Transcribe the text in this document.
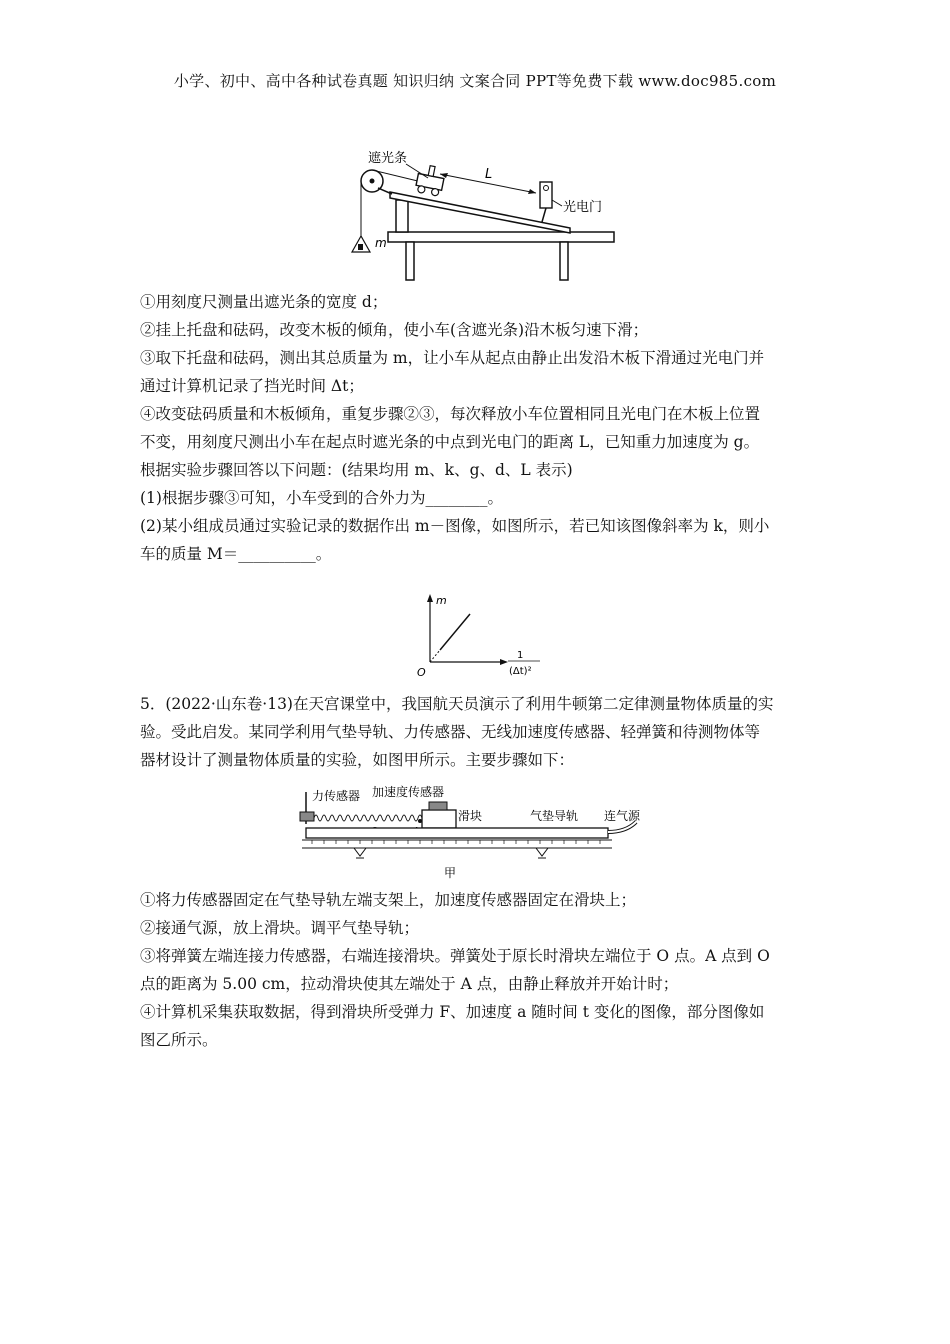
小学、初中、高中各种试卷真题 知识归纳 文案合同 PPT等免费下载 www.doc985.com
m
L
光电门
遮光条
①用刻度尺测量出遮光条的宽度 d；
②挂上托盘和砝码，改变木板的倾角，使小车(含遮光条)沿木板匀速下滑；
③取下托盘和砝码，测出其总质量为 m，让小车从起点由静止出发沿木板下滑通过光电门并
通过计算机记录了挡光时间 Δt；
④改变砝码质量和木板倾角，重复步骤②③，每次释放小车位置相同且光电门在木板上位置
不变，用刻度尺测出小车在起点时遮光条的中点到光电门的距离 L，已知重力加速度为 g。
根据实验步骤回答以下问题：(结果均用 m、k、g、d、L 表示)
(1)根据步骤③可知，小车受到的合外力为________。
(2)某小组成员通过实验记录的数据作出 m－图像，如图所示，若已知该图像斜率为 k，则小
车的质量 M＝__________。
m
O
1
(Δt)²
5．(2022·山东卷·13)在天宫课堂中，我国航天员演示了利用牛顿第二定律测量物体质量的实
验。受此启发。某同学利用气垫导轨、力传感器、无线加速度传感器、轻弹簧和待测物体等
器材设计了测量物体质量的实验，如图甲所示。主要步骤如下：
力传感器 加速度传感器
滑块	气垫导轨 连气源
甲
①将力传感器固定在气垫导轨左端支架上，加速度传感器固定在滑块上；
②接通气源，放上滑块。调平气垫导轨；
③将弹簧左端连接力传感器，右端连接滑块。弹簧处于原长时滑块左端位于 O 点。A 点到 O
点的距离为 5.00 cm，拉动滑块使其左端处于 A 点，由静止释放并开始计时；
④计算机采集获取数据，得到滑块所受弹力 F、加速度 a 随时间 t 变化的图像，部分图像如
图乙所示。
